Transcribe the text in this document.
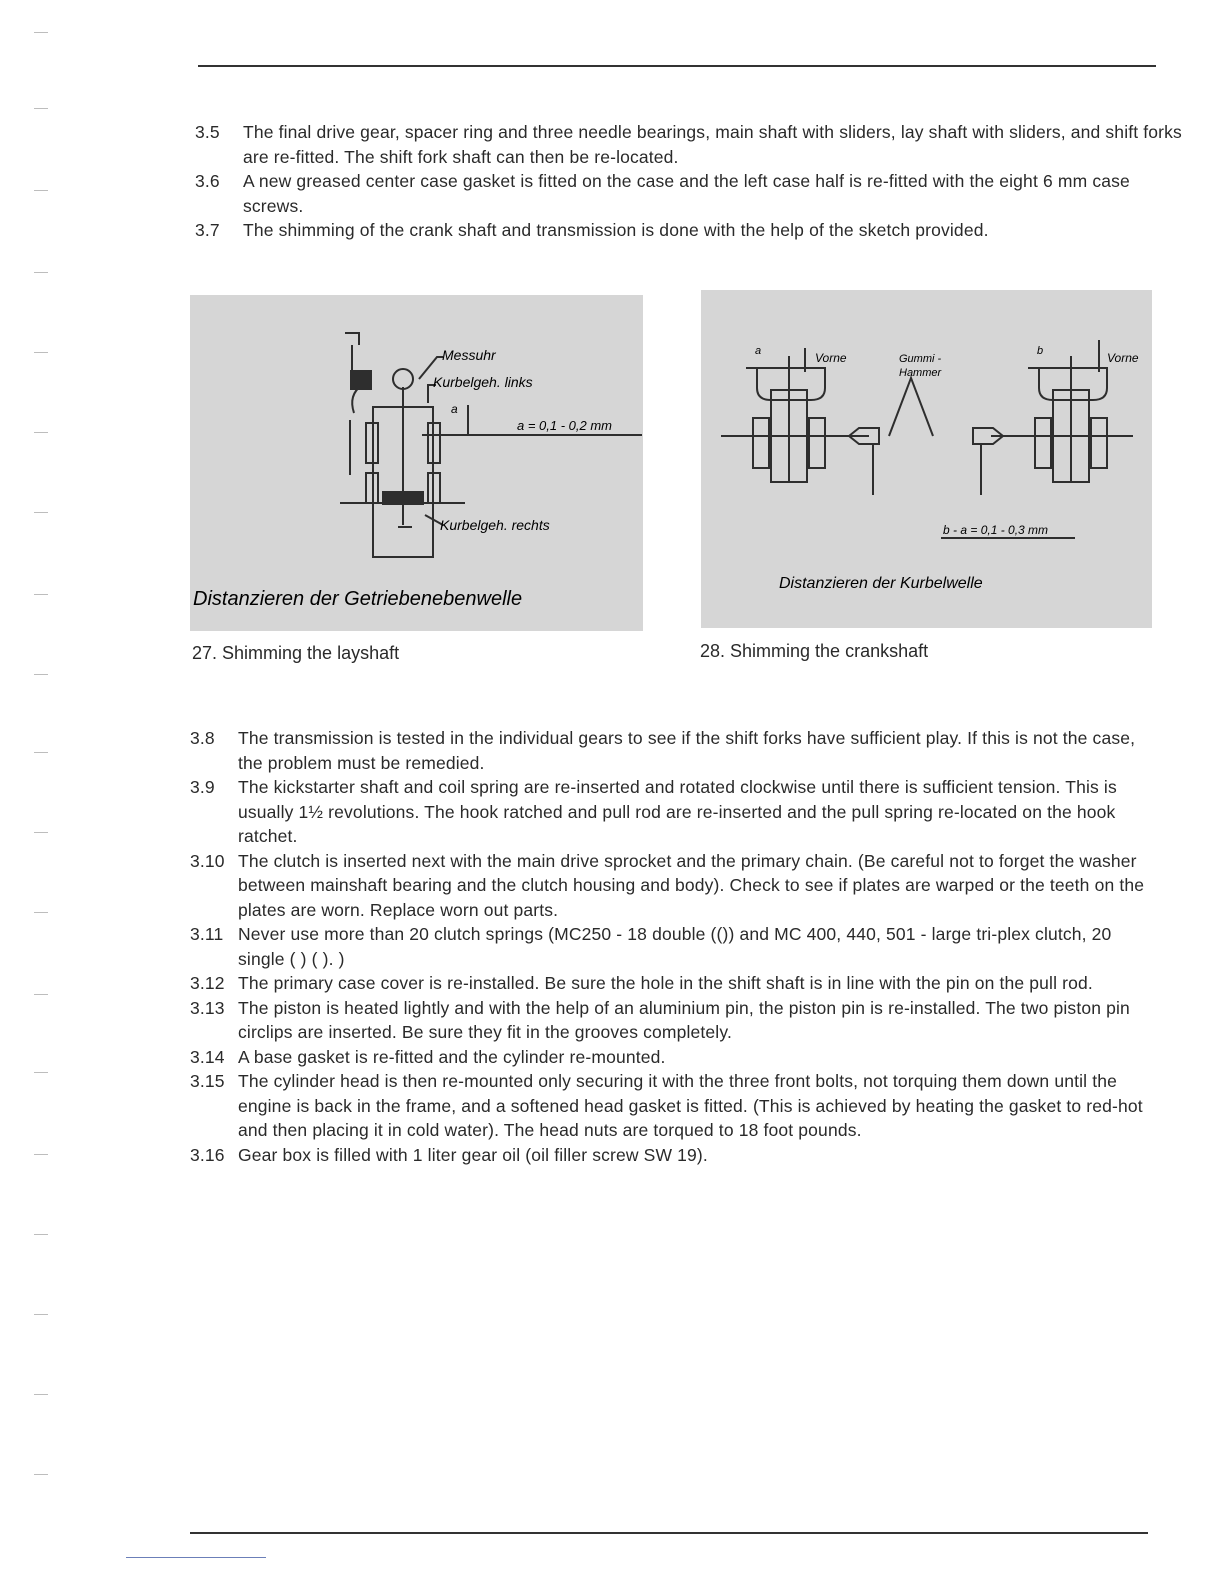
3.5 The final drive gear, spacer ring and three needle bearings, main shaft with sliders, lay shaft with sliders, and shift forks are re-fitted. The shift fork shaft can then be re-located.
3.6 A new greased center case gasket is fitted on the case and the left case half is re-fitted with the eight 6 mm case screws.
3.7 The shimming of the crank shaft and transmission is done with the help of the sketch provided.
Messuhr
Kurbelgeh. links
a
a = 0,1 - 0,2 mm
Kurbelgeh. rechts
Distanzieren der Getriebenebenwelle
27. Shimming the layshaft
a	Vorne	Gummi -
Hammer
b	Vorne
b - a = 0,1 - 0,3 mm
Distanzieren der Kurbelwelle
28. Shimming the crankshaft
3.8 The transmission is tested in the individual gears to see if the shift forks have sufficient play. If this is not the case, the problem must be remedied.
3.9 The kickstarter shaft and coil spring are re-inserted and rotated clockwise until there is sufficient tension. This is usually 1½ revolutions. The hook ratched and pull rod are re-inserted and the pull spring re-located on the hook ratchet.
3.10 The clutch is inserted next with the main drive sprocket and the primary chain. (Be careful not to forget the washer between mainshaft bearing and the clutch housing and body). Check to see if plates are warped or the teeth on the plates are worn. Replace worn out parts.
3.11 Never use more than 20 clutch springs (MC250 - 18 double (()) and MC 400, 440, 501 - large tri-plex clutch, 20 single ( ) ( ). )
3.12 The primary case cover is re-installed. Be sure the hole in the shift shaft is in line with the pin on the pull rod.
3.13 The piston is heated lightly and with the help of an aluminium pin, the piston pin is re-installed. The two piston pin circlips are inserted. Be sure they fit in the grooves completely.
3.14 A base gasket is re-fitted and the cylinder re-mounted.
3.15 The cylinder head is then re-mounted only securing it with the three front bolts, not torquing them down until the engine is back in the frame, and a softened head gasket is fitted. (This is achieved by heating the gasket to red-hot and then placing it in cold water). The head nuts are torqued to 18 foot pounds.
3.16 Gear box is filled with 1 liter gear oil (oil filler screw SW 19).
